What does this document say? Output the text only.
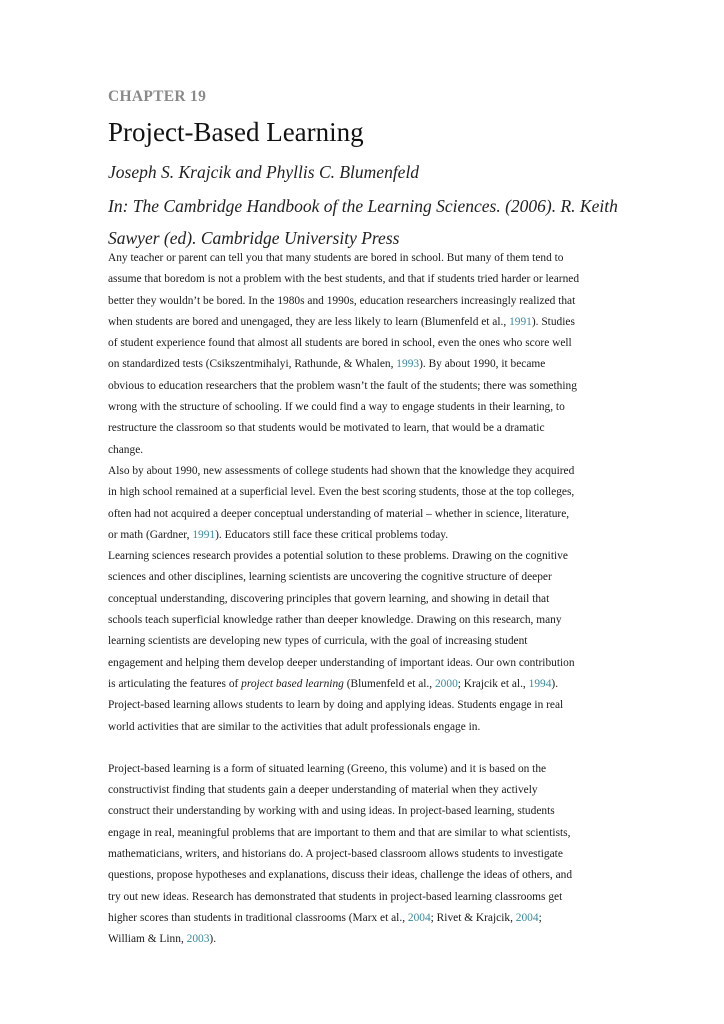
CHAPTER 19
Project-Based Learning
Joseph S. Krajcik and Phyllis C. Blumenfeld
In: The Cambridge Handbook of the Learning Sciences. (2006). R. Keith
Sawyer (ed). Cambridge University Press

Any teacher or parent can tell you that many students are bored in school. But many of them tend to
assume that boredom is not a problem with the best students, and that if students tried harder or learned
better they wouldn’t be bored. In the 1980s and 1990s, education researchers increasingly realized that
when students are bored and unengaged, they are less likely to learn (Blumenfeld et al., 1991). Studies
of student experience found that almost all students are bored in school, even the ones who score well
on standardized tests (Csikszentmihalyi, Rathunde, & Whalen, 1993). By about 1990, it became
obvious to education researchers that the problem wasn’t the fault of the students; there was something
wrong with the structure of schooling. If we could find a way to engage students in their learning, to
restructure the classroom so that students would be motivated to learn, that would be a dramatic
change.

Also by about 1990, new assessments of college students had shown that the knowledge they acquired
in high school remained at a superficial level. Even the best scoring students, those at the top colleges,
often had not acquired a deeper conceptual understanding of material – whether in science, literature,
or math (Gardner, 1991). Educators still face these critical problems today.

Learning sciences research provides a potential solution to these problems. Drawing on the cognitive
sciences and other disciplines, learning scientists are uncovering the cognitive structure of deeper
conceptual understanding, discovering principles that govern learning, and showing in detail that
schools teach superficial knowledge rather than deeper knowledge. Drawing on this research, many
learning scientists are developing new types of curricula, with the goal of increasing student
engagement and helping them develop deeper understanding of important ideas. Our own contribution
is articulating the features of project based learning (Blumenfeld et al., 2000; Krajcik et al., 1994).

Project-based learning allows students to learn by doing and applying ideas. Students engage in real
world activities that are similar to the activities that adult professionals engage in.

Project-based learning is a form of situated learning (Greeno, this volume) and it is based on the
constructivist finding that students gain a deeper understanding of material when they actively
construct their understanding by working with and using ideas. In project-based learning, students
engage in real, meaningful problems that are important to them and that are similar to what scientists,
mathematicians, writers, and historians do. A project-based classroom allows students to investigate
questions, propose hypotheses and explanations, discuss their ideas, challenge the ideas of others, and
try out new ideas. Research has demonstrated that students in project-based learning classrooms get
higher scores than students in traditional classrooms (Marx et al., 2004; Rivet & Krajcik, 2004;
William & Linn, 2003).
